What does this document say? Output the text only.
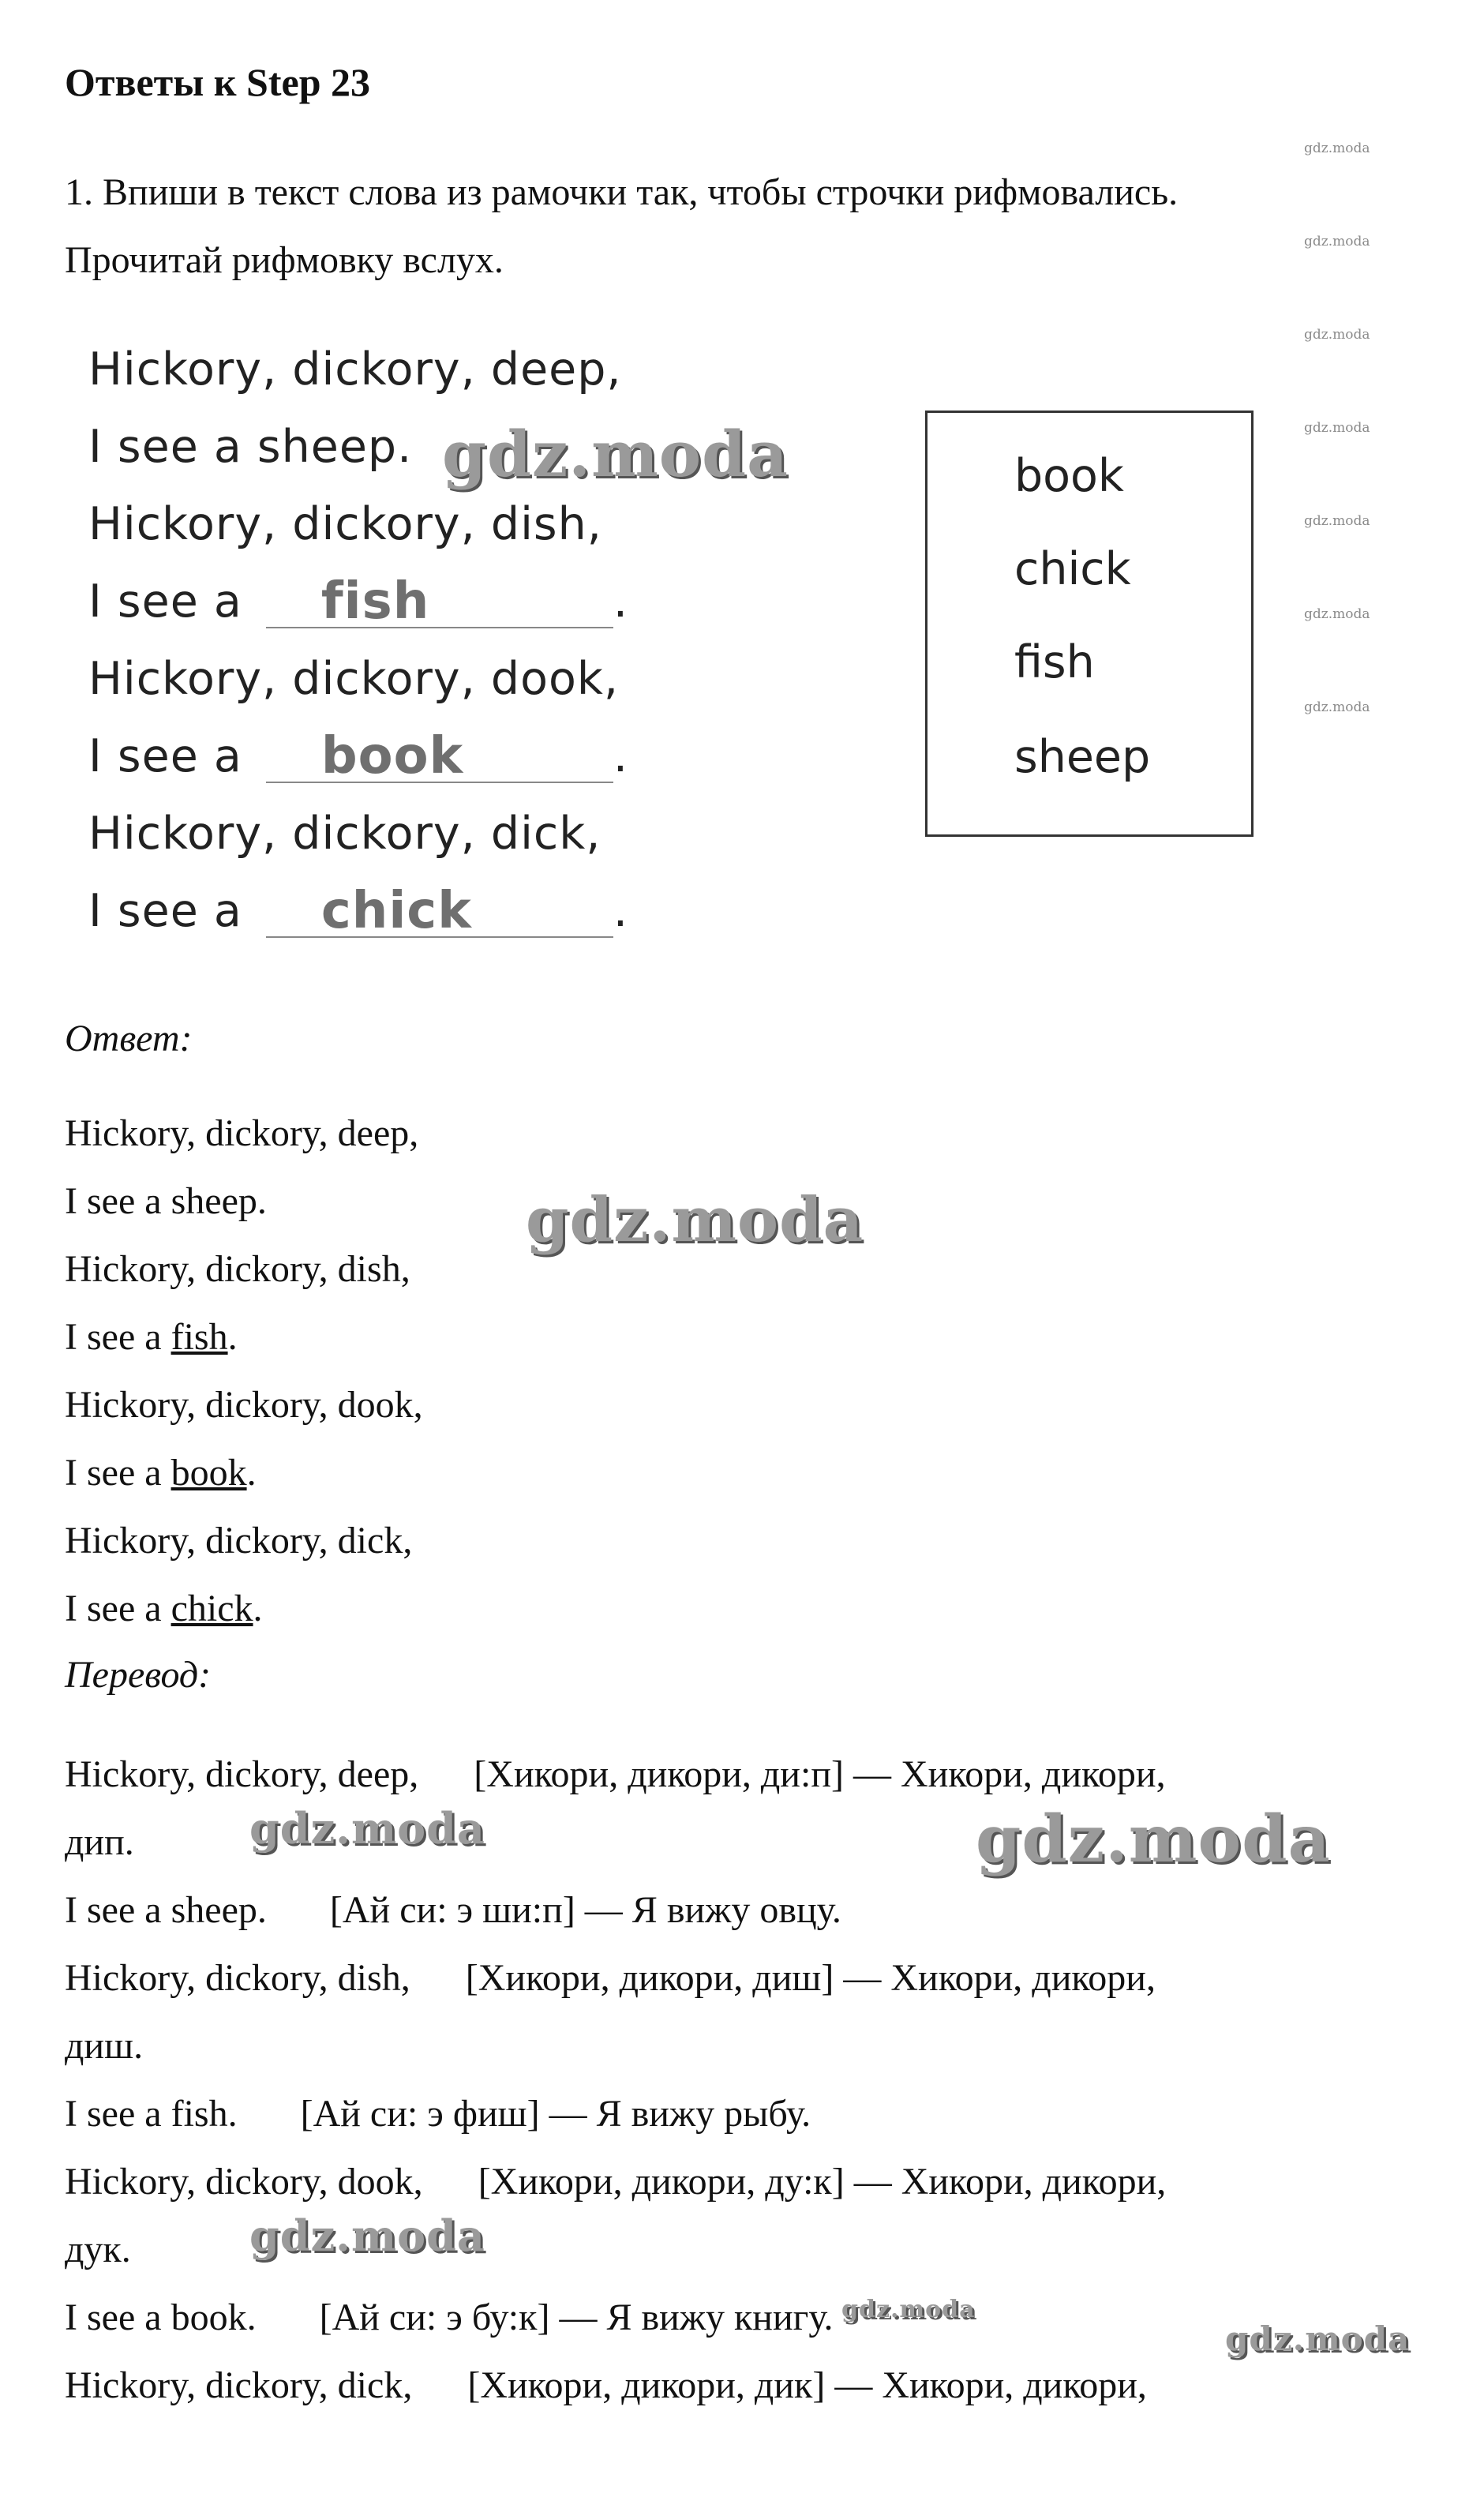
Ответы к Step 23
1. Впиши в текст слова из рамочки так, чтобы строчки рифмовались.
Прочитай рифмовку вслух.
Hickory, dickory, deep,
I see a sheep.
Hickory, dickory, dish,
I see a fish	.
Hickory, dickory, dook,
I see a book	.
Hickory, dickory, dick,
I see a chick	.
book
chick
fish
sheep
Ответ:
Hickory, dickory, deep,
I see a sheep.
Hickory, dickory, dish,
I see a fish.
Hickory, dickory, dook,
I see a book.
Hickory, dickory, dick,
I see a chick.
Перевод:
Hickory, dickory, deep, [Хикори, дикори, ди:п] — Хикори, дикори,
дип.
I see a sheep. [Ай си: э ши:п] — Я вижу овцу.
Hickory, dickory, dish, [Хикори, дикори, диш] — Хикори, дикори,
диш.
I see a fish. [Ай си: э фиш] — Я вижу рыбу.
Hickory, dickory, dook, [Хикори, дикори, ду:к] — Хикори, дикори,
дук.
I see a book. [Ай си: э бу:к] — Я вижу книгу.
Hickory, dickory, dick, [Хикори, дикори, дик] — Хикори, дикори,
gdz.moda
gdz.moda
gdz.moda	gdz.moda
gdz.moda
gdz.moda
gdz.moda
gdz.moda
gdz.moda
gdz.moda
gdz.moda
gdz.moda
gdz.moda
gdz.moda
